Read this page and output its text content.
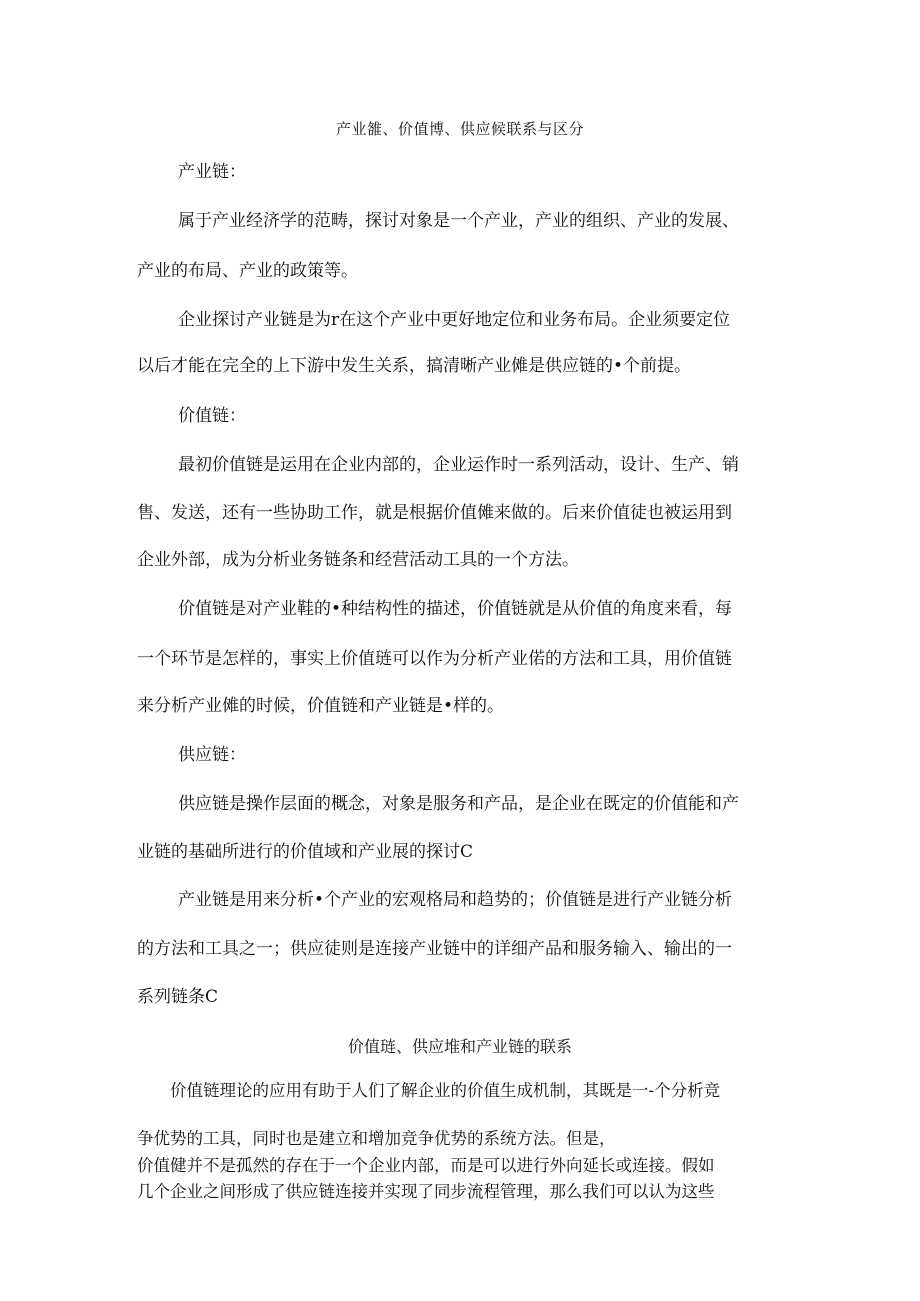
产业雒、价值博、供应候联系与区分
产业链：
属于产业经济学的范畴，探讨对象是一个产业，产业的组织、产业的发展、
产业的布局、产业的政策等。
企业探讨产业链是为r在这个产业中更好地定位和业务布局。企业须要定位
以后才能在完全的上下游中发生关系，搞清晰产业傩是供应链的•个前提。
价值链：
最初价值链是运用在企业内部的，企业运作时一系列活动，设计、生产、销
售、发送，还有一些协助工作，就是根据价值傩来做的。后来价值徒也被运用到
企业外部，成为分析业务链条和经营活动工具的一个方法。
价值链是对产业鞋的•种结构性的描述，价值链就是从价值的角度来看，每
一个环节是怎样的，事实上价值琏可以作为分析产业偌的方法和工具，用价值链
来分析产业傩的时候，价值链和产业链是•样的。
供应链：
供应链是操作层面的概念，对象是服务和产品，是企业在既定的价值能和产
业链的基础所进行的价值域和产业展的探讨C
产业链是用来分析•个产业的宏观格局和趋势的；价值链是进行产业链分析
的方法和工具之一；供应徒则是连接产业链中的详细产品和服务输入、输出的一
系列链条C
价值琏、供应堆和产业链的联系
价值链理论的应用有助于人们了解企业的价值生成机制，其既是一-个分析竞
争优势的工具，同时也是建立和增加竞争优势的系统方法。但是，
价值健并不是孤然的存在于一个企业内部，而是可以进行外向延长或连接。假如
几个企业之间形成了供应链连接并实现了同步流程管理，那么我们可以认为这些
